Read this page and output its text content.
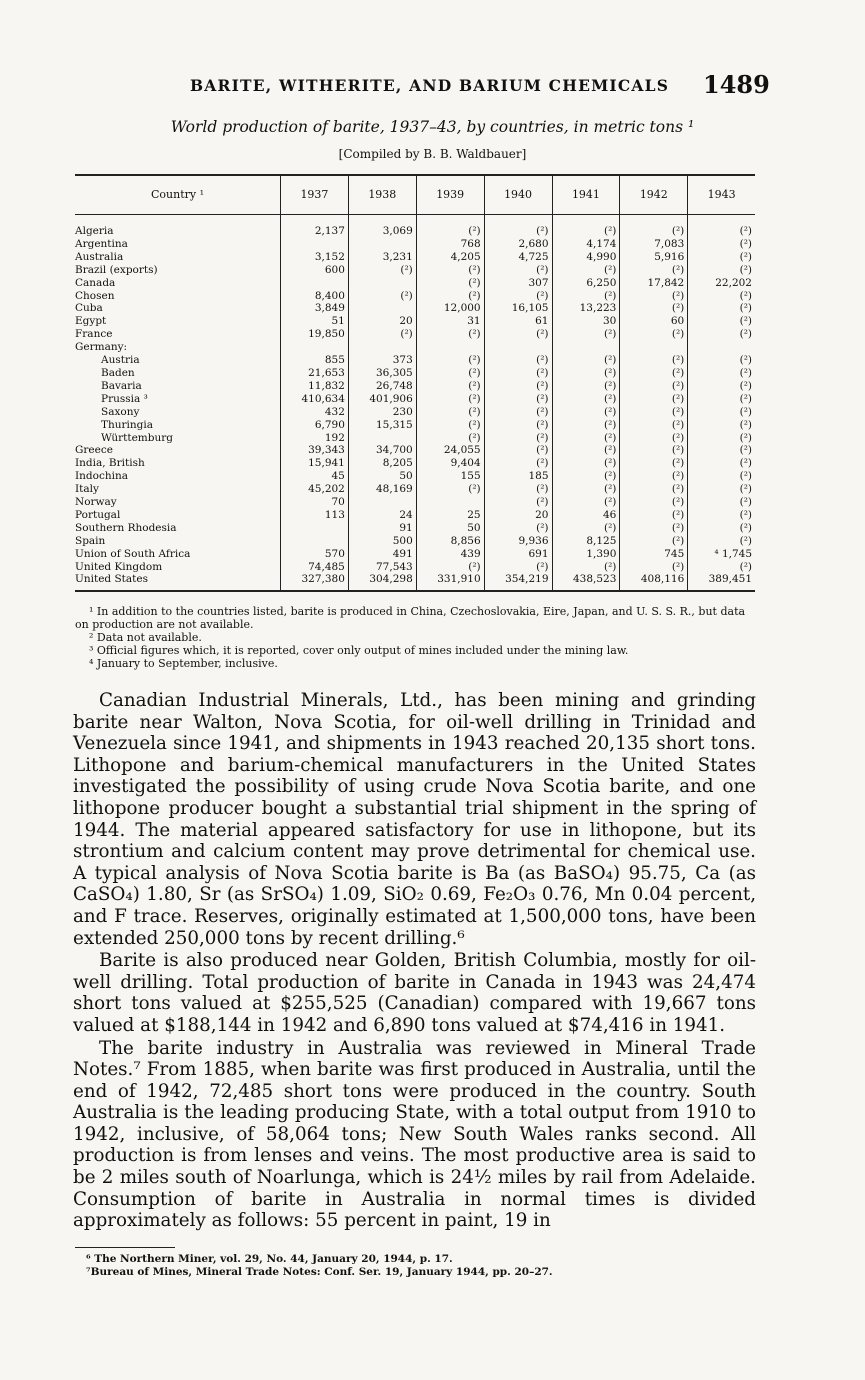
BARITE, WITHERITE, AND BARIUM CHEMICALS 1489
World production of barite, 1937–43, by countries, in metric tons ¹
[Compiled by B. B. Waldbauer]
Country ¹	1937	1938	1939	1940	1941	1942	1943

Algeria	2,137	3,069	(²)	(²)	(²)	(²)	(²)
Argentina			768	2,680	4,174	7,083	(²)
Australia	3,152	3,231	4,205	4,725	4,990	5,916	(²)
Brazil (exports)	600	(²)	(²)	(²)	(²)	(²)	(²)
Canada			(²)	307	6,250	17,842	22,202
Chosen	8,400	(²)	(²)	(²)	(²)	(²)	(²)
Cuba	3,849		12,000	16,105	13,223	(²)	(²)
Egypt	51	20	31	61	30	60	(²)
France	19,850	(²)	(²)	(²)	(²)	(²)	(²)
Germany:							
Austria	855	373	(²)	(²)	(²)	(²)	(²)
Baden	21,653	36,305	(²)	(²)	(²)	(²)	(²)
Bavaria	11,832	26,748	(²)	(²)	(²)	(²)	(²)
Prussia ³	410,634	401,906	(²)	(²)	(²)	(²)	(²)
Saxony	432	230	(²)	(²)	(²)	(²)	(²)
Thuringia	6,790	15,315	(²)	(²)	(²)	(²)	(²)
Württemburg	192		(²)	(²)	(²)	(²)	(²)
Greece	39,343	34,700	24,055	(²)	(²)	(²)	(²)
India, British	15,941	8,205	9,404	(²)	(²)	(²)	(²)
Indochina	45	50	155	185	(²)	(²)	(²)
Italy	45,202	48,169	(²)	(²)	(²)	(²)	(²)
Norway	70			(²)	(²)	(²)	(²)
Portugal	113	24	25	20	46	(²)	(²)
Southern Rhodesia		91	50	(²)	(²)	(²)	(²)
Spain		500	8,856	9,936	8,125	(²)	(²)
Union of South Africa	570	491	439	691	1,390	745	⁴ 1,745
United Kingdom	74,485	77,543	(²)	(²)	(²)	(²)	(²)
United States	327,380	304,298	331,910	354,219	438,523	408,116	389,451

¹ In addition to the countries listed, barite is produced in China, Czechoslovakia, Eire, Japan, and U. S. S. R., but data on production are not available.

² Data not available.

³ Official figures which, it is reported, cover only output of mines included under the mining law.

⁴ January to September, inclusive.

Canadian Industrial Minerals, Ltd., has been mining and grinding barite near Walton, Nova Scotia, for oil-well drilling in Trinidad and Venezuela since 1941, and shipments in 1943 reached 20,135 short tons. Lithopone and barium-chemical manufacturers in the United States investigated the possibility of using crude Nova Scotia barite, and one lithopone producer bought a substantial trial shipment in the spring of 1944. The material appeared satisfactory for use in lithopone, but its strontium and calcium content may prove detrimental for chemical use. A typical analysis of Nova Scotia barite is Ba (as BaSO₄) 95.75, Ca (as CaSO₄) 1.80, Sr (as SrSO₄) 1.09, SiO₂ 0.69, Fe₂O₃ 0.76, Mn 0.04 percent, and F trace. Reserves, originally estimated at 1,500,000 tons, have been extended 250,000 tons by recent drilling.⁶

Barite is also produced near Golden, British Columbia, mostly for oil-well drilling. Total production of barite in Canada in 1943 was 24,474 short tons valued at $255,525 (Canadian) compared with 19,667 tons valued at $188,144 in 1942 and 6,890 tons valued at $74,416 in 1941.

The barite industry in Australia was reviewed in Mineral Trade Notes.⁷ From 1885, when barite was first produced in Australia, until the end of 1942, 72,485 short tons were produced in the country. South Australia is the leading producing State, with a total output from 1910 to 1942, inclusive, of 58,064 tons; New South Wales ranks second. All production is from lenses and veins. The most productive area is said to be 2 miles south of Noarlunga, which is 24½ miles by rail from Adelaide. Consumption of barite in Australia in normal times is divided approximately as follows: 55 percent in paint, 19 in

⁶ The Northern Miner, vol. 29, No. 44, January 20, 1944, p. 17.

⁷Bureau of Mines, Mineral Trade Notes: Conf. Ser. 19, January 1944, pp. 20–27.
